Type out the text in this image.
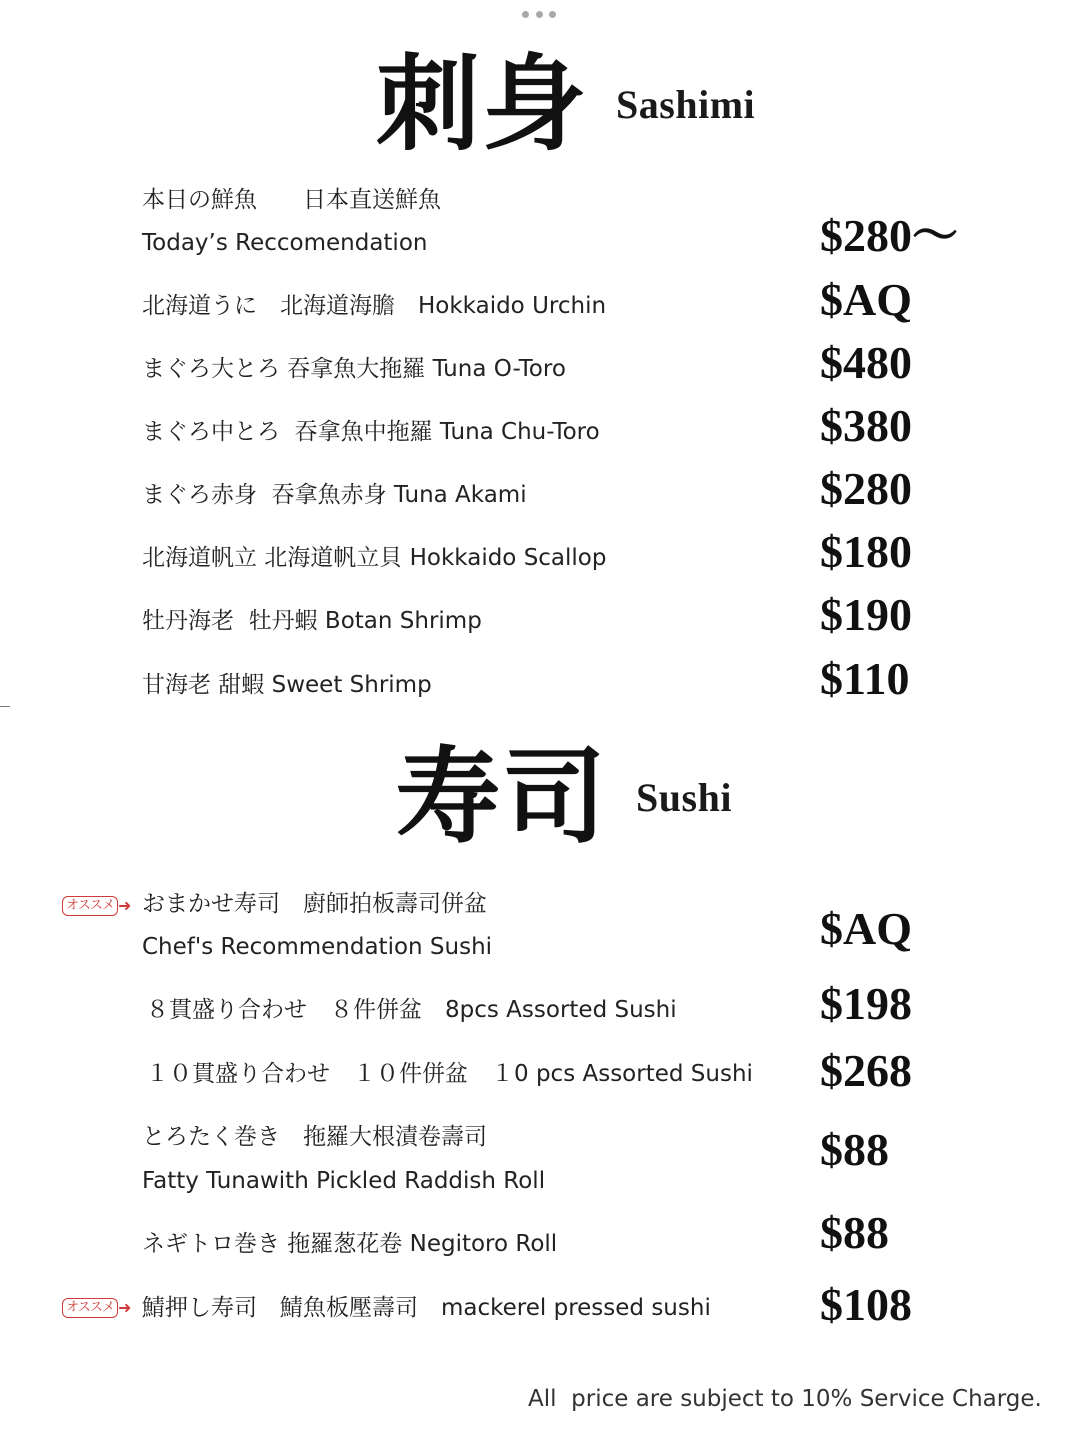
刺身 Sashimi
本日の鮮魚　　日本直送鮮魚
Today’s Reccomendation	$280～
北海道うに　北海道海膽　Hokkaido Urchin	$AQ
まぐろ大とろ 吞拿魚大拖羅 Tuna O-Toro	$480
まぐろ中とろ  吞拿魚中拖羅 Tuna Chu-Toro	$380
まぐろ赤身  吞拿魚赤身 Tuna Akami	$280
北海道帆立 北海道帆立貝 Hokkaido Scallop	$180
牡丹海老  牡丹蝦 Botan Shrimp	$190
甘海老 甜蝦 Sweet Shrimp	$110
寿司 Sushi
オススメ ➜ おまかせ寿司　廚師拍板壽司併盆
Chef's Recommendation Sushi	$AQ
８貫盛り合わせ　８件併盆　8pcs Assorted Sushi	$198
１０貫盛り合わせ　１０件併盆　１0 pcs Assorted Sushi $268
とろたく巻き　拖羅大根漬卷壽司
Fatty Tunawith Pickled Raddish Roll
$88
ネギトロ巻き 拖羅葱花卷 Negitoro Roll	$88
オススメ ➜ 鯖押し寿司　鯖魚板壓壽司　mackerel pressed sushi $108
All  price are subject to 10% Service Charge.
